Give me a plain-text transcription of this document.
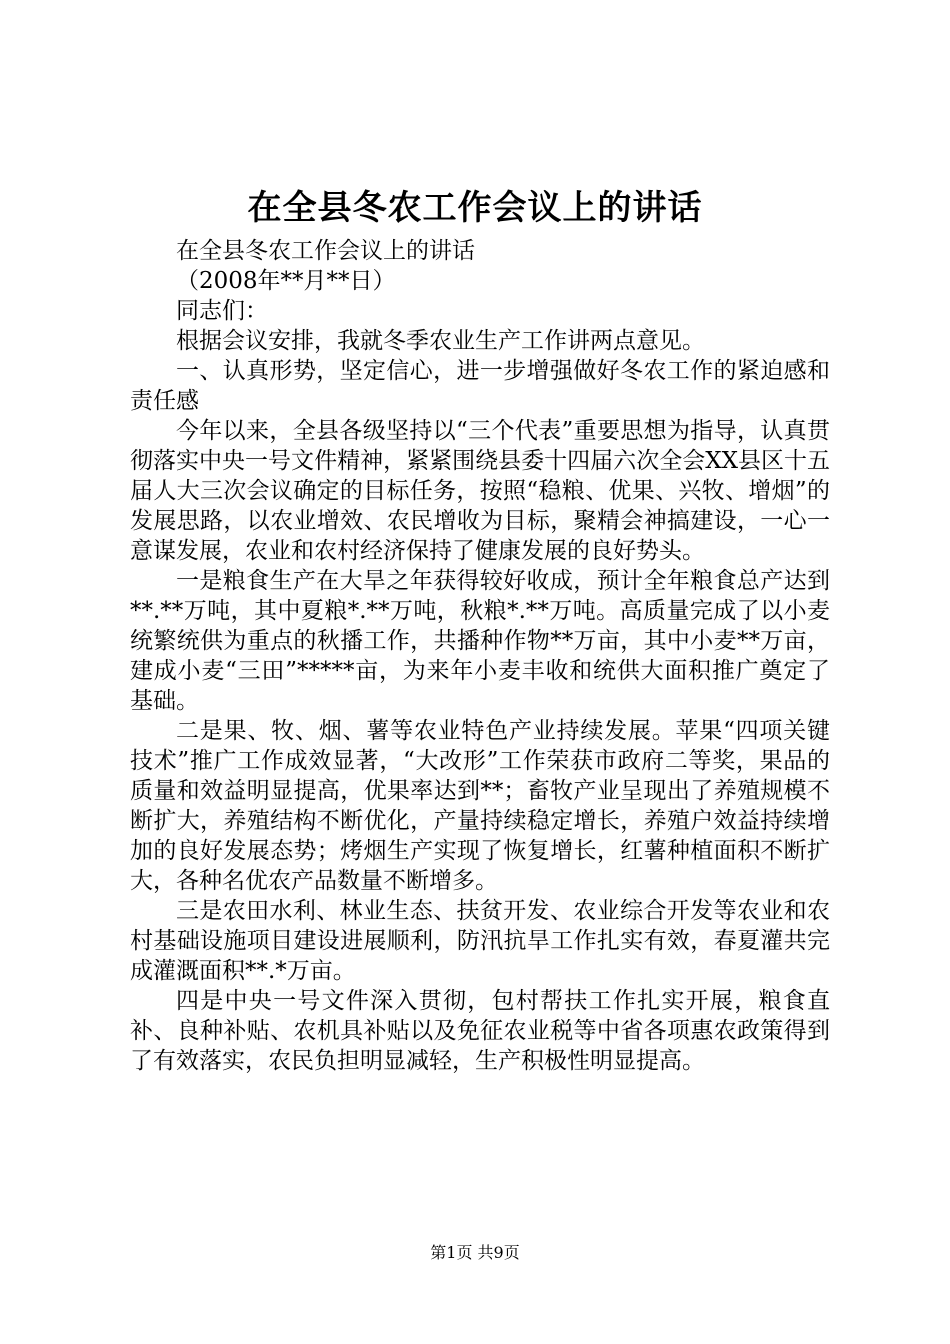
在全县冬农工作会议上的讲话

在全县冬农工作会议上的讲话

（2008年**月**日）

同志们：

根据会议安排，我就冬季农业生产工作讲两点意见。

一、认真形势，坚定信心，进一步增强做好冬农工作的紧迫感和责任感

今年以来，全县各级坚持以“三个代表”重要思想为指导，认真贯彻落实中央一号文件精神，紧紧围绕县委十四届六次全会XX县区十五届人大三次会议确定的目标任务，按照“稳粮、优果、兴牧、增烟”的发展思路，以农业增效、农民增收为目标，聚精会神搞建设，一心一意谋发展，农业和农村经济保持了健康发展的良好势头。

一是粮食生产在大旱之年获得较好收成，预计全年粮食总产达到**.**万吨，其中夏粮*.**万吨，秋粮*.**万吨。高质量完成了以小麦统繁统供为重点的秋播工作，共播种作物**万亩，其中小麦**万亩，建成小麦“三田”*****亩，为来年小麦丰收和统供大面积推广奠定了基础。

二是果、牧、烟、薯等农业特色产业持续发展。苹果“四项关键技术”推广工作成效显著，“大改形”工作荣获市政府二等奖，果品的质量和效益明显提高，优果率达到**；畜牧产业呈现出了养殖规模不断扩大，养殖结构不断优化，产量持续稳定增长，养殖户效益持续增加的良好发展态势；烤烟生产实现了恢复增长，红薯种植面积不断扩大，各种名优农产品数量不断增多。

三是农田水利、林业生态、扶贫开发、农业综合开发等农业和农村基础设施项目建设进展顺利，防汛抗旱工作扎实有效，春夏灌共完成灌溉面积**.*万亩。

四是中央一号文件深入贯彻，包村帮扶工作扎实开展，粮食直补、良种补贴、农机具补贴以及免征农业税等中省各项惠农政策得到了有效落实，农民负担明显减轻，生产积极性明显提高。

第1页 共9页
